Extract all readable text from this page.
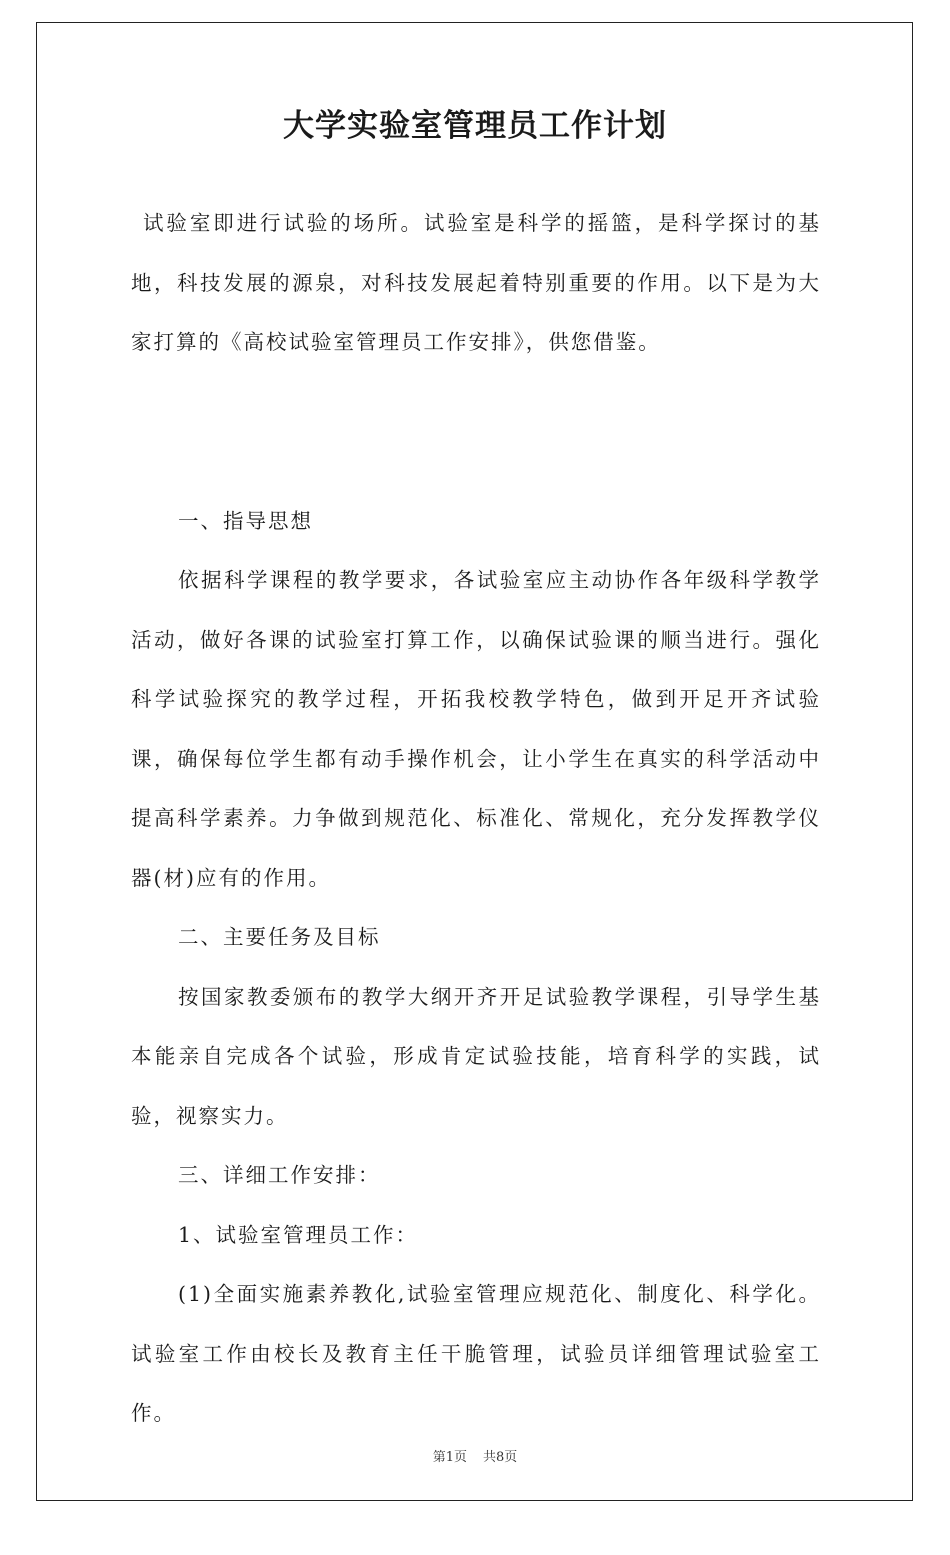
大学实验室管理员工作计划

试验室即进行试验的场所。试验室是科学的摇篮，是科学探讨的基地，科技发展的源泉，对科技发展起着特别重要的作用。以下是为大家打算的《高校试验室管理员工作安排》，供您借鉴。

一、指导思想

依据科学课程的教学要求，各试验室应主动协作各年级科学教学活动，做好各课的试验室打算工作，以确保试验课的顺当进行。强化科学试验探究的教学过程，开拓我校教学特色，做到开足开齐试验课，确保每位学生都有动手操作机会，让小学生在真实的科学活动中提高科学素养。力争做到规范化、标准化、常规化，充分发挥教学仪器(材)应有的作用。

二、主要任务及目标

按国家教委颁布的教学大纲开齐开足试验教学课程，引导学生基本能亲自完成各个试验，形成肯定试验技能，培育科学的实践，试验，视察实力。

三、详细工作安排：

1、试验室管理员工作：

(1)全面实施素养教化,试验室管理应规范化、制度化、科学化。试验室工作由校长及教育主任干脆管理，试验员详细管理试验室工作。

第1页 共8页
